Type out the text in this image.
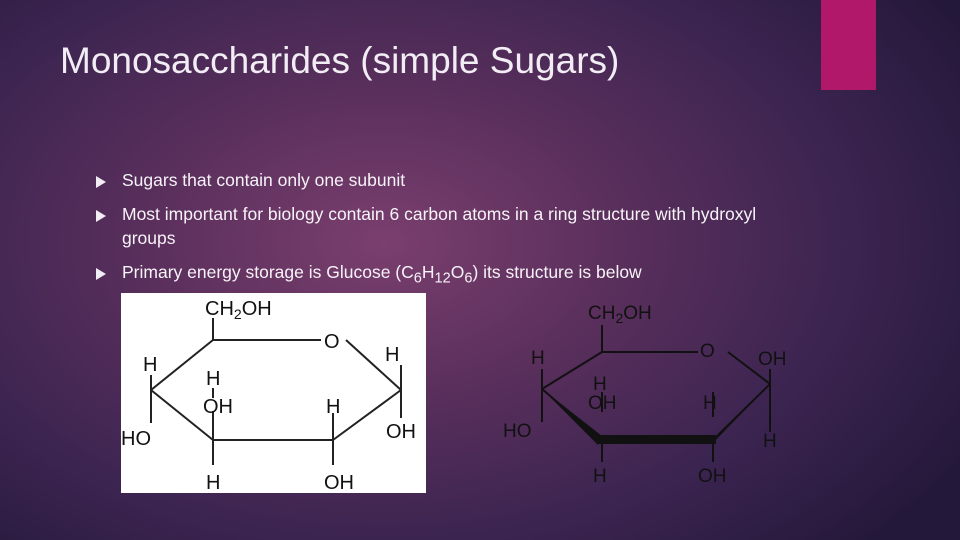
Monosaccharides (simple Sugars)
Sugars that contain only one subunit
Most important for biology contain 6 carbon atoms in a ring structure with hydroxyl groups
Primary energy storage is Glucose $(C_6H_{12}O_6)$ its structure is below
$CH_2OH$
O
H
H
H
OH	H
HO	OH
H	OH
$CH_2OH$
O
H	OH
H
OH	H
HO	H
H	OH
